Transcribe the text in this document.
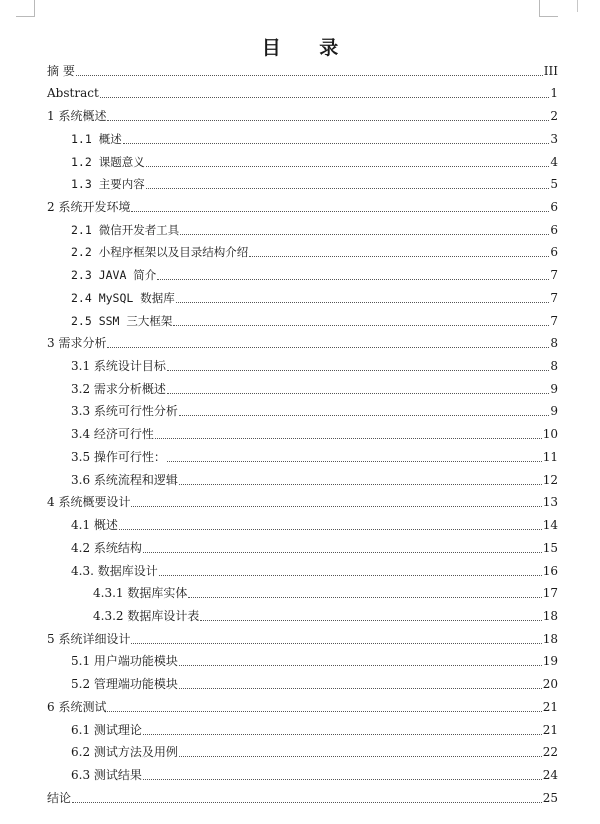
目 录
摘 要	III
Abstract	1
1 系统概述	2
1.1 概述	3
1.2 课题意义	4
1.3 主要内容	5
2 系统开发环境	6
2.1 微信开发者工具	6
2.2 小程序框架以及目录结构介绍	6
2.3 JAVA 简介	7
2.4 MySQL 数据库	7
2.5 SSM 三大框架	7
3 需求分析	8
3.1 系统设计目标	8
3.2 需求分析概述	9
3.3 系统可行性分析	9
3.4 经济可行性	10
3.5 操作可行性：	11
3.6 系统流程和逻辑	12
4 系统概要设计	13
4.1 概述	14
4.2 系统结构	15
4.3. 数据库设计	16
4.3.1 数据库实体	17
4.3.2 数据库设计表	18
5 系统详细设计	18
5.1 用户端功能模块	19
5.2 管理端功能模块	20
6 系统测试	21
6.1 测试理论	21
6.2 测试方法及用例	22
6.3 测试结果	24
结论	25
